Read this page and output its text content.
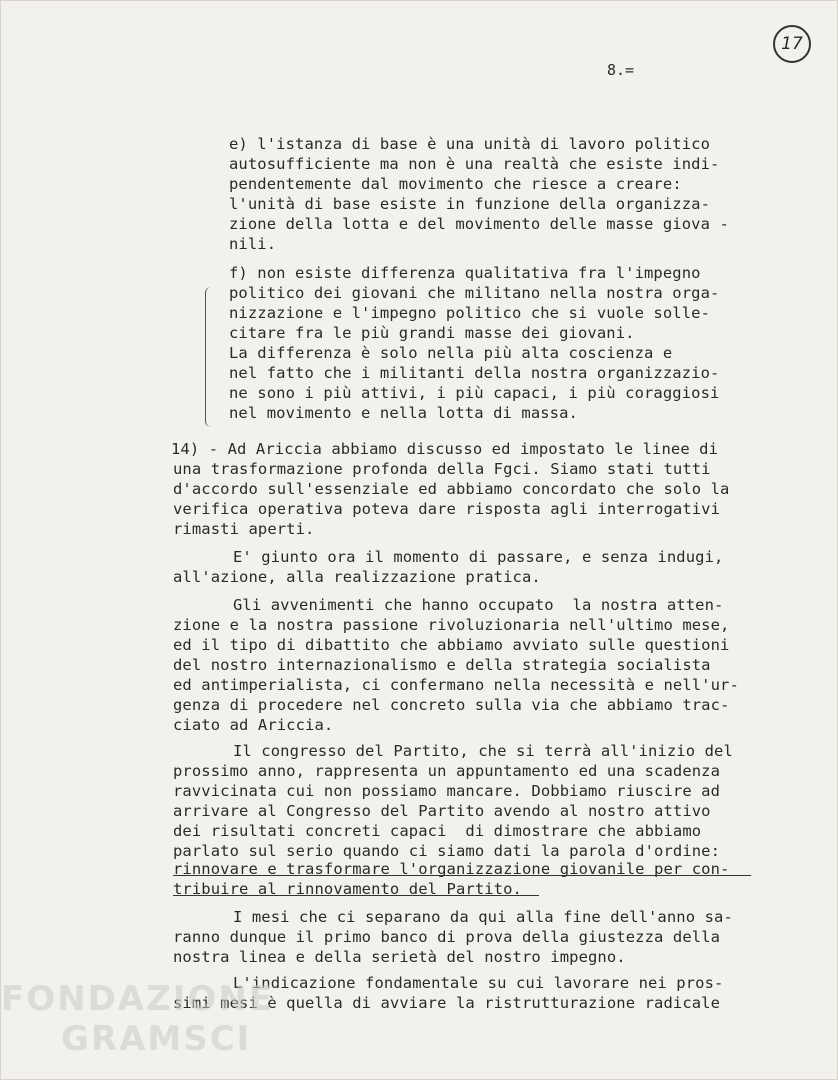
17
8.=
e) l'istanza di base è una unità di lavoro politico
autosufficiente ma non è una realtà che esiste indi-
pendentemente dal movimento che riesce a creare:
l'unità di base esiste in funzione della organizza-
zione della lotta e del movimento delle masse giova -
nili.
f) non esiste differenza qualitativa fra l'impegno
politico dei giovani che militano nella nostra orga-
nizzazione e l'impegno politico che si vuole solle-
citare fra le più grandi masse dei giovani.
La differenza è solo nella più alta coscienza e
nel fatto che i militanti della nostra organizzazio-
ne sono i più attivi, i più capaci, i più coraggiosi
nel movimento e nella lotta di massa.
14) - Ad Ariccia abbiamo discusso ed impostato le linee di
una trasformazione profonda della Fgci. Siamo stati tutti
d'accordo sull'essenziale ed abbiamo concordato che solo la
verifica operativa poteva dare risposta agli interrogativi
rimasti aperti.
E' giunto ora il momento di passare, e senza indugi,
all'azione, alla realizzazione pratica.
Gli avvenimenti che hanno occupato  la nostra atten-
zione e la nostra passione rivoluzionaria nell'ultimo mese,
ed il tipo di dibattito che abbiamo avviato sulle questioni
del nostro internazionalismo e della strategia socialista
ed antimperialista, ci confermano nella necessità e nell'ur-
genza di procedere nel concreto sulla via che abbiamo trac-
ciato ad Ariccia.
Il congresso del Partito, che si terrà all'inizio del
prossimo anno, rappresenta un appuntamento ed una scadenza
ravvicinata cui non possiamo mancare. Dobbiamo riuscire ad
arrivare al Congresso del Partito avendo al nostro attivo
dei risultati concreti capaci  di dimostrare che abbiamo
parlato sul serio quando ci siamo dati la parola d'ordine:
rinnovare e trasformare l'organizzazione giovanile per con-
tribuire al rinnovamento del Partito.
I mesi che ci separano da qui alla fine dell'anno sa-
ranno dunque il primo banco di prova della giustezza della
nostra linea e della serietà del nostro impegno.
L'indicazione fondamentale su cui lavorare nei pros-
simi mesi è quella di avviare la ristrutturazione radicale
FONDAZIONE
GRAMSCI
